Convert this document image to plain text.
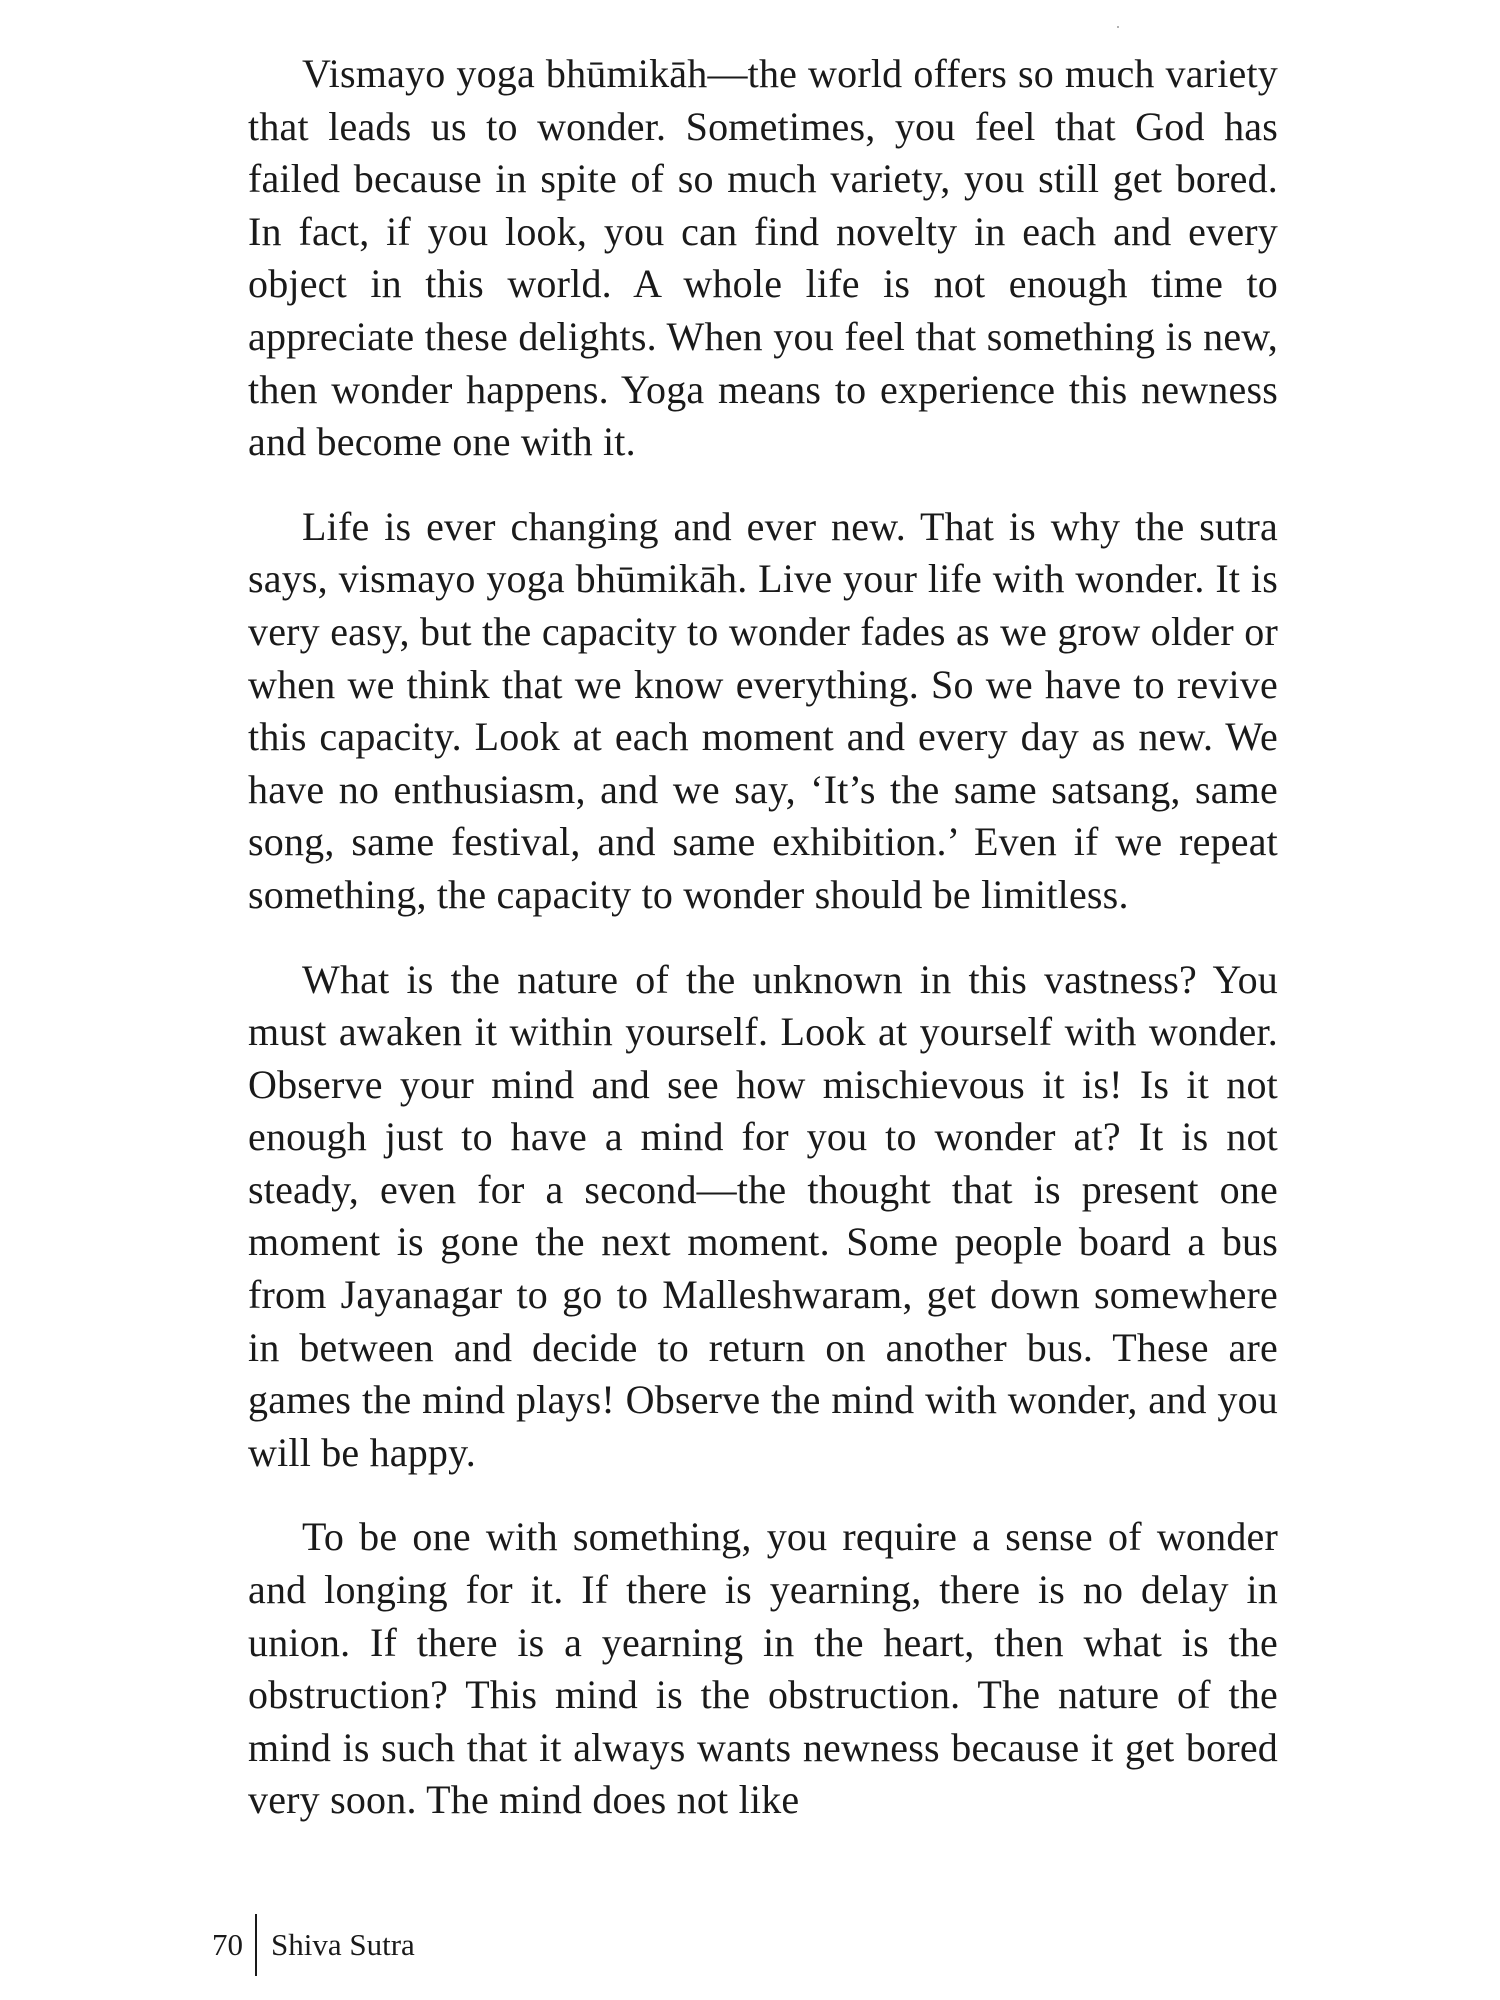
Vismayo yoga bhūmikāh—the world offers so much variety that leads us to wonder. Sometimes, you feel that God has failed because in spite of so much variety, you still get bored. In fact, if you look, you can find novelty in each and every object in this world. A whole life is not enough time to appreciate these delights. When you feel that something is new, then wonder happens. Yoga means to experience this newness and become one with it.

Life is ever changing and ever new. That is why the sutra says, vismayo yoga bhūmikāh. Live your life with wonder. It is very easy, but the capacity to wonder fades as we grow older or when we think that we know everything. So we have to revive this capacity. Look at each moment and every day as new. We have no enthusiasm, and we say, ‘It’s the same satsang, same song, same festival, and same exhibition.’ Even if we repeat something, the capacity to wonder should be limitless.

What is the nature of the unknown in this vastness? You must awaken it within yourself. Look at yourself with wonder. Observe your mind and see how mischievous it is! Is it not enough just to have a mind for you to wonder at? It is not steady, even for a second—the thought that is present one moment is gone the next moment. Some people board a bus from Jayanagar to go to Malleshwaram, get down somewhere in between and decide to return on another bus. These are games the mind plays! Observe the mind with wonder, and you will be happy.

To be one with something, you require a sense of wonder and longing for it. If there is yearning, there is no delay in union. If there is a yearning in the heart, then what is the obstruction? This mind is the obstruction. The nature of the mind is such that it always wants newness because it get bored very soon. The mind does not like

70 Shiva Sutra
